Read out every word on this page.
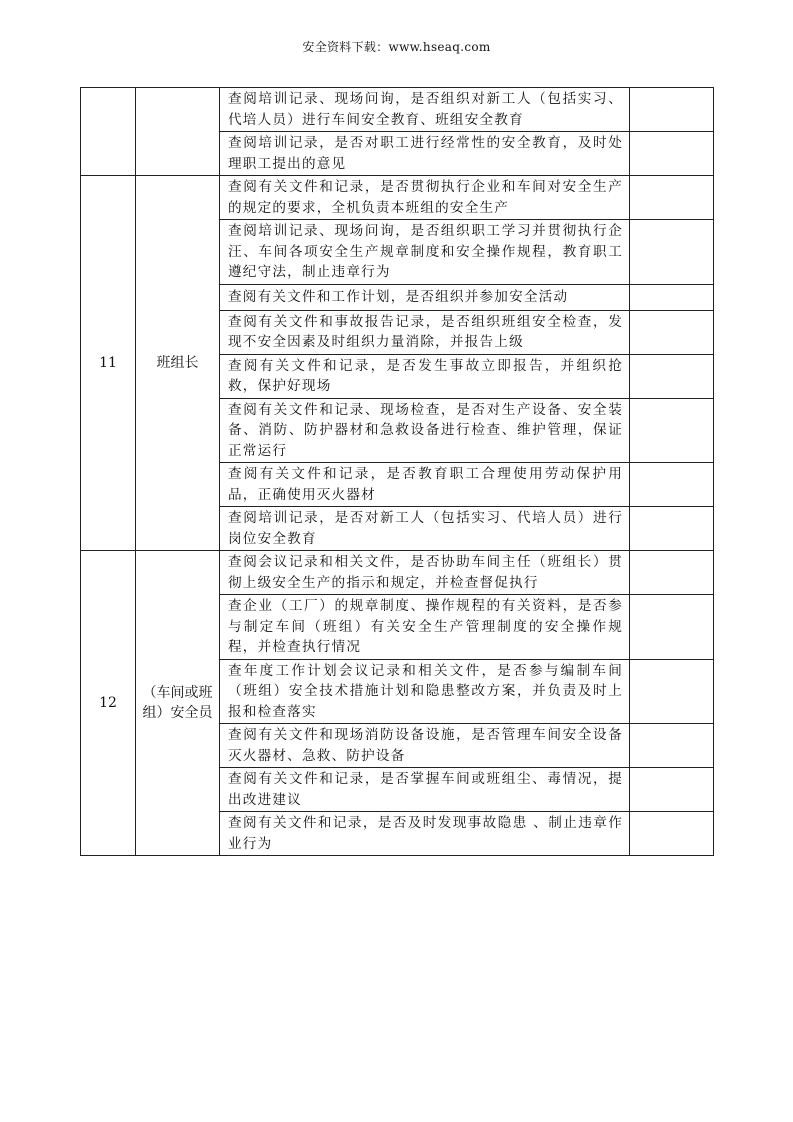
安全资料下载：www.hseaq.com
		查阅培训记录、现场问询，是否组织对新工人（包括实习、代培人员）进行车间安全教育、班组安全教育	
		查阅培训记录，是否对职工进行经常性的安全教育，及时处理职工提出的意见	
11	班组长	查阅有关文件和记录，是否贯彻执行企业和车间对安全生产的规定的要求，全机负责本班组的安全生产	
		查阅培训记录、现场问询，是否组织职工学习并贯彻执行企汪、车间各项安全生产规章制度和安全操作规程，教育职工遵纪守法，制止违章行为	
		查阅有关文件和工作计划，是否组织并参加安全活动	
		查阅有关文件和事故报告记录，是否组织班组安全检查，发现不安全因素及时组织力量消除，并报告上级	
		查阅有关文件和记录，是否发生事故立即报告，并组织抢救，保护好现场	
		查阅有关文件和记录、现场检查，是否对生产设备、安全装备、消防、防护器材和急救设备进行检查、维护管理，保证正常运行	
		查阅有关文件和记录，是否教育职工合理使用劳动保护用品，正确使用灭火器材	
		查阅培训记录，是否对新工人（包括实习、代培人员）进行岗位安全教育	
12	（车间或班组）安全员	查阅会议记录和相关文件，是否协助车间主任（班组长）贯彻上级安全生产的指示和规定，并检查督促执行	
		查企业（工厂）的规章制度、操作规程的有关资料，是否参与制定车间（班组）有关安全生产管理制度的安全操作规程，并检查执行情况	
		查年度工作计划会议记录和相关文件，是否参与编制车间（班组）安全技术措施计划和隐患整改方案，并负责及时上报和检查落实	
		查阅有关文件和现场消防设备设施，是否管理车间安全设备灭火器材、急救、防护设备	
		查阅有关文件和记录，是否掌握车间或班组尘、毒情况，提出改进建议	
		查阅有关文件和记录，是否及时发现事故隐患 、制止违章作业行为	
